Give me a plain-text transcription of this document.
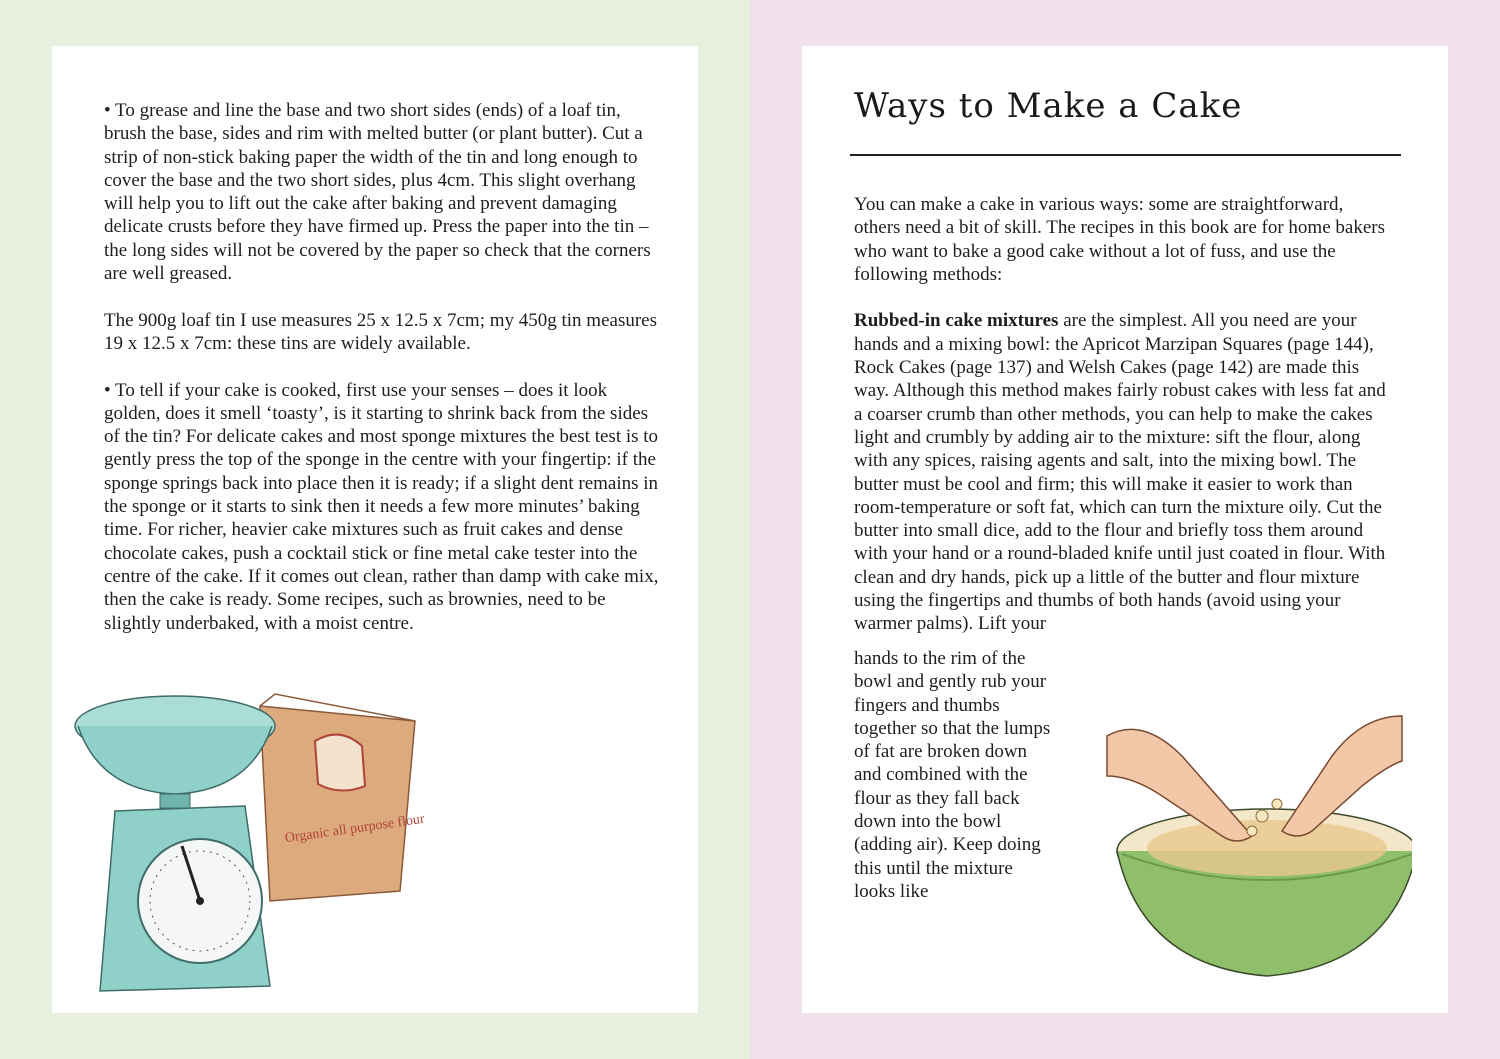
• To grease and line the base and two short sides (ends) of a loaf tin, brush the base, sides and rim with melted butter (or plant butter). Cut a strip of non-stick baking paper the width of the tin and long enough to cover the base and the two short sides, plus 4cm. This slight overhang will help you to lift out the cake after baking and prevent damaging delicate crusts before they have firmed up. Press the paper into the tin – the long sides will not be covered by the paper so check that the corners are well greased.

The 900g loaf tin I use measures 25 x 12.5 x 7cm; my 450g tin measures 19 x 12.5 x 7cm: these tins are widely available.

• To tell if your cake is cooked, first use your senses – does it look golden, does it smell ‘toasty’, is it starting to shrink back from the sides of the tin? For delicate cakes and most sponge mixtures the best test is to gently press the top of the sponge in the centre with your fingertip: if the sponge springs back into place then it is ready; if a slight dent remains in the sponge or it starts to sink then it needs a few more minutes’ baking time. For richer, heavier cake mixtures such as fruit cakes and dense chocolate cakes, push a cocktail stick or fine metal cake tester into the centre of the cake. If it comes out clean, rather than damp with cake mix, then the cake is ready. Some recipes, such as brownies, need to be slightly underbaked, with a moist centre.

Organic all purpose flour
Ways to Make a Cake

You can make a cake in various ways: some are straightforward, others need a bit of skill. The recipes in this book are for home bakers who want to bake a good cake without a lot of fuss, and use the following methods:

Rubbed-in cake mixtures are the simplest. All you need are your hands and a mixing bowl: the Apricot Marzipan Squares (page 144), Rock Cakes (page 137) and Welsh Cakes (page 142) are made this way. Although this method makes fairly robust cakes with less fat and a coarser crumb than other methods, you can help to make the cakes light and crumbly by adding air to the mixture: sift the flour, along with any spices, raising agents and salt, into the mixing bowl. The butter must be cool and firm; this will make it easier to work than room-temperature or soft fat, which can turn the mixture oily. Cut the butter into small dice, add to the flour and briefly toss them around with your hand or a round-bladed knife until just coated in flour. With clean and dry hands, pick up a little of the butter and flour mixture using the fingertips and thumbs of both hands (avoid using your warmer palms). Lift your

hands to the rim of the bowl and gently rub your fingers and thumbs together so that the lumps of fat are broken down and combined with the flour as they fall back down into the bowl (adding air). Keep doing this until the mixture looks like
